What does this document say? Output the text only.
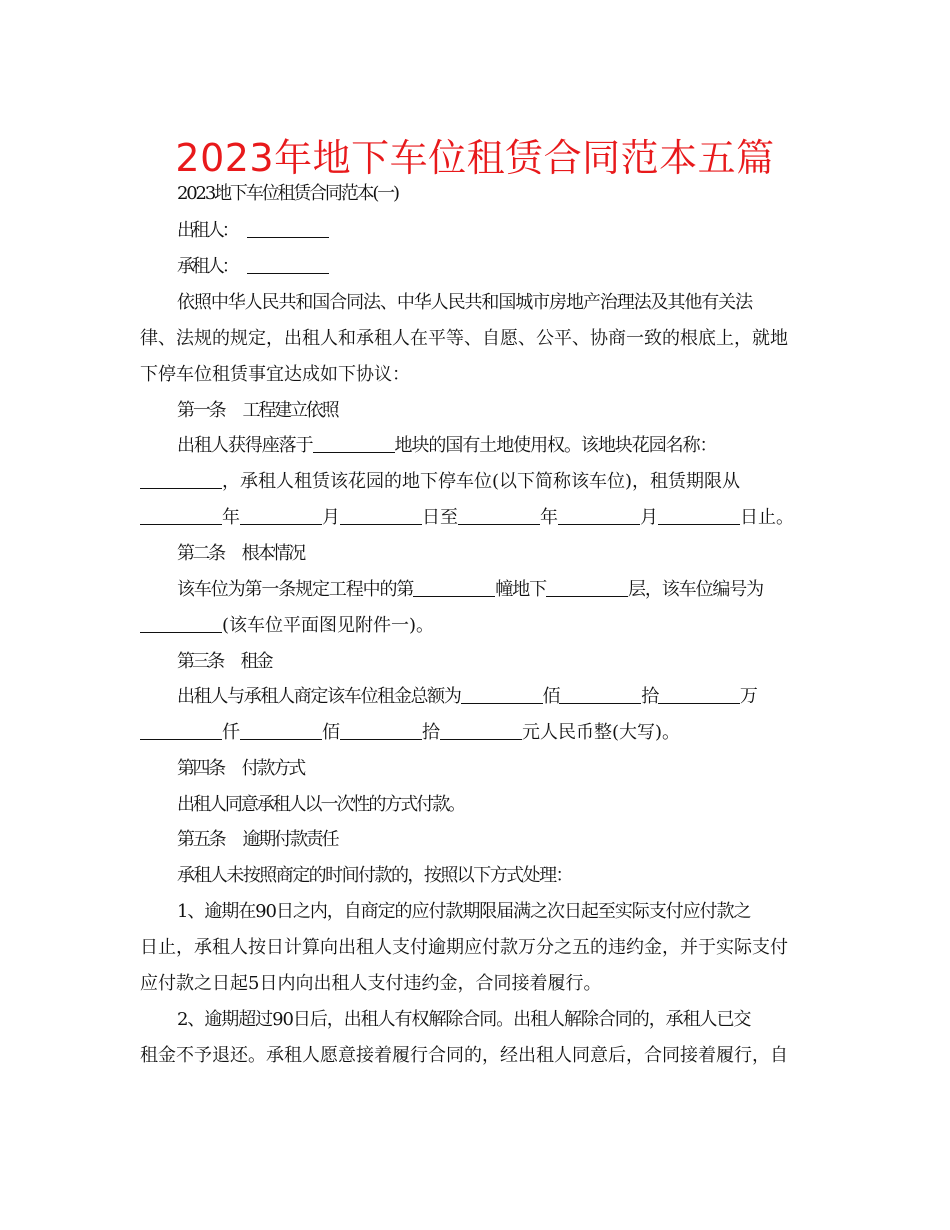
2023年地下车位租赁合同范本五篇
2023地下车位租赁合同范本(一)
出租人：
承租人：
依照中华人民共和国合同法、中华人民共和国城市房地产治理法及其他有关法
律、法规的规定，出租人和承租人在平等、自愿、公平、协商一致的根底上，就地
下停车位租赁事宜达成如下协议：
第一条 工程建立依照
出租人获得座落于	地块的国有土地使用权。该地块花园名称：
，承租人租赁该花园的地下停车位(以下简称该车位)，租赁期限从
年	月	日至	年	月	日止。
第二条 根本情况
该车位为第一条规定工程中的第	幢地下	层，该车位编号为
(该车位平面图见附件一)。
第三条 租金
出租人与承租人商定该车位租金总额为	佰	拾	万
仟	佰	拾	元人民币整(大写)。
第四条 付款方式
出租人同意承租人以一次性的方式付款。
第五条 逾期付款责任
承租人未按照商定的时间付款的，按照以下方式处理：
1、逾期在90日之内，自商定的应付款期限届满之次日起至实际支付应付款之
日止，承租人按日计算向出租人支付逾期应付款万分之五的违约金，并于实际支付
应付款之日起5日内向出租人支付违约金，合同接着履行。
2、逾期超过90日后，出租人有权解除合同。出租人解除合同的，承租人已交
租金不予退还。承租人愿意接着履行合同的，经出租人同意后，合同接着履行，自
